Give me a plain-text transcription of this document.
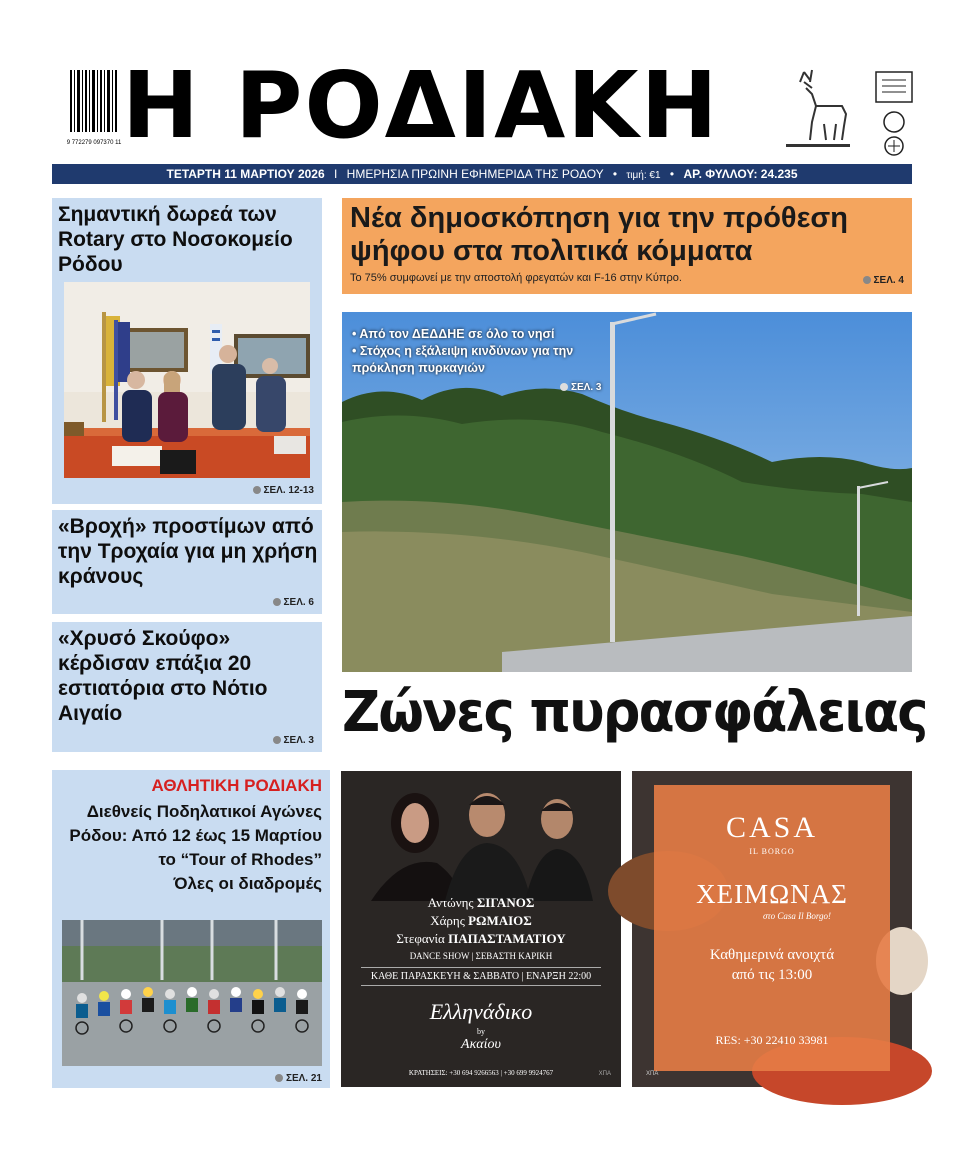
9 772279 097370 11 Η ΡΟΔΙΑΚΗ
ΤΕΤΑΡΤΗ 11 ΜΑΡΤΙΟΥ 2026 I ΗΜΕΡΗΣΙΑ ΠΡΩΙΝΗ ΕΦΗΜΕΡΙΔΑ ΤΗΣ ΡΟΔΟΥ • τιμή: €1 • ΑΡ. ΦΥΛΛΟΥ: 24.235
Σημαντική δωρεά των Rotary στο Νοσοκομείο Ρόδου
ΣΕΛ. 12-13
«Βροχή» προστίμων από την Τροχαία για μη χρήση κράνους
ΣΕΛ. 6
«Χρυσό Σκούφο» κέρδισαν επάξια 20 εστιατόρια στο Νότιο Αιγαίο
ΣΕΛ. 3
Νέα δημοσκόπηση για την πρόθεση ψήφου στα πολιτικά κόμματα
Το 75% συμφωνεί με την αποστολή φρεγατών και F-16 στην Κύπρο.	ΣΕΛ. 4
• Από τον ΔΕΔΔΗΕ σε όλο το νησί
• Στόχος η εξάλειψη κινδύνων για την πρόκληση πυρκαγιών
ΣΕΛ. 3
Ζώνες πυρασφάλειας
ΑΘΛΗΤΙΚΗ ΡΟΔΙΑΚΗ
Διεθνείς Ποδηλατικοί Αγώνες
Ρόδου: Από 12 έως 15 Μαρτίου
το “Tour of Rhodes”
Όλες οι διαδρομές
ΣΕΛ. 21
Αντώνης ΣΙΓΑΝΟΣ
Χάρης ΡΩΜΑΙΟΣ
Στεφανία ΠΑΠΑΣΤΑΜΑΤΙΟΥ
DANCE SHOW | ΣΕΒΑΣΤΗ ΚΑΡΙΚΗ
ΚΑΘΕ ΠΑΡΑΣΚΕΥΗ & ΣΑΒΒΑΤΟ | ΕΝΑΡΞΗ 22:00
Ελληνάδικο
by
Ακαίου
ΚΡΑΤΗΣΕΙΣ: +30 694 9266563 | +30 699 9924767	ΧΠΑ
CASA
IL BORGO
ΧΕΙΜΩΝΑΣ
στο Casa Il Borgo!
Καθημερινά ανοιχτά
από τις 13:00
RES: +30 22410 33981
ΧΠΑ
